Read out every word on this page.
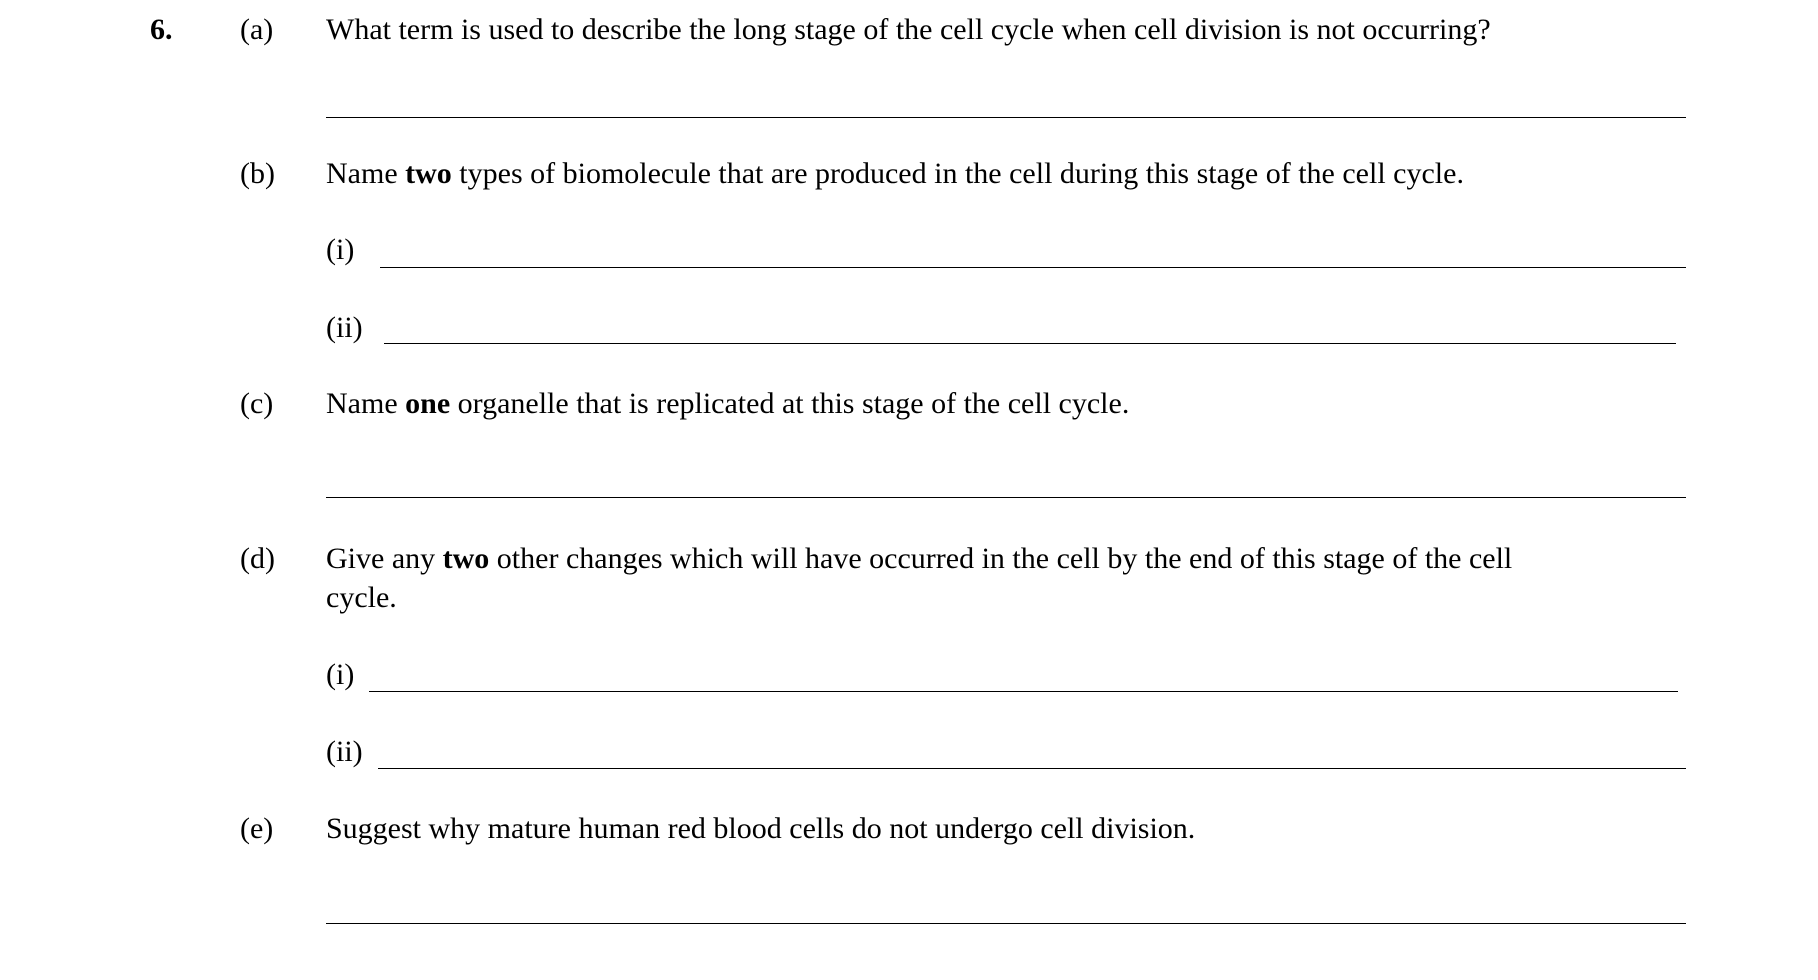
6. (a) What term is used to describe the long stage of the cell cycle when cell division is not occurring?
(b) Name two types of biomolecule that are produced in the cell during this stage of the cell cycle.
(i)
(ii)
(c) Name one organelle that is replicated at this stage of the cell cycle.
(d) Give any two other changes which will have occurred in the cell by the end of this stage of the cell
cycle.
(i)
(ii)
(e) Suggest why mature human red blood cells do not undergo cell division.
